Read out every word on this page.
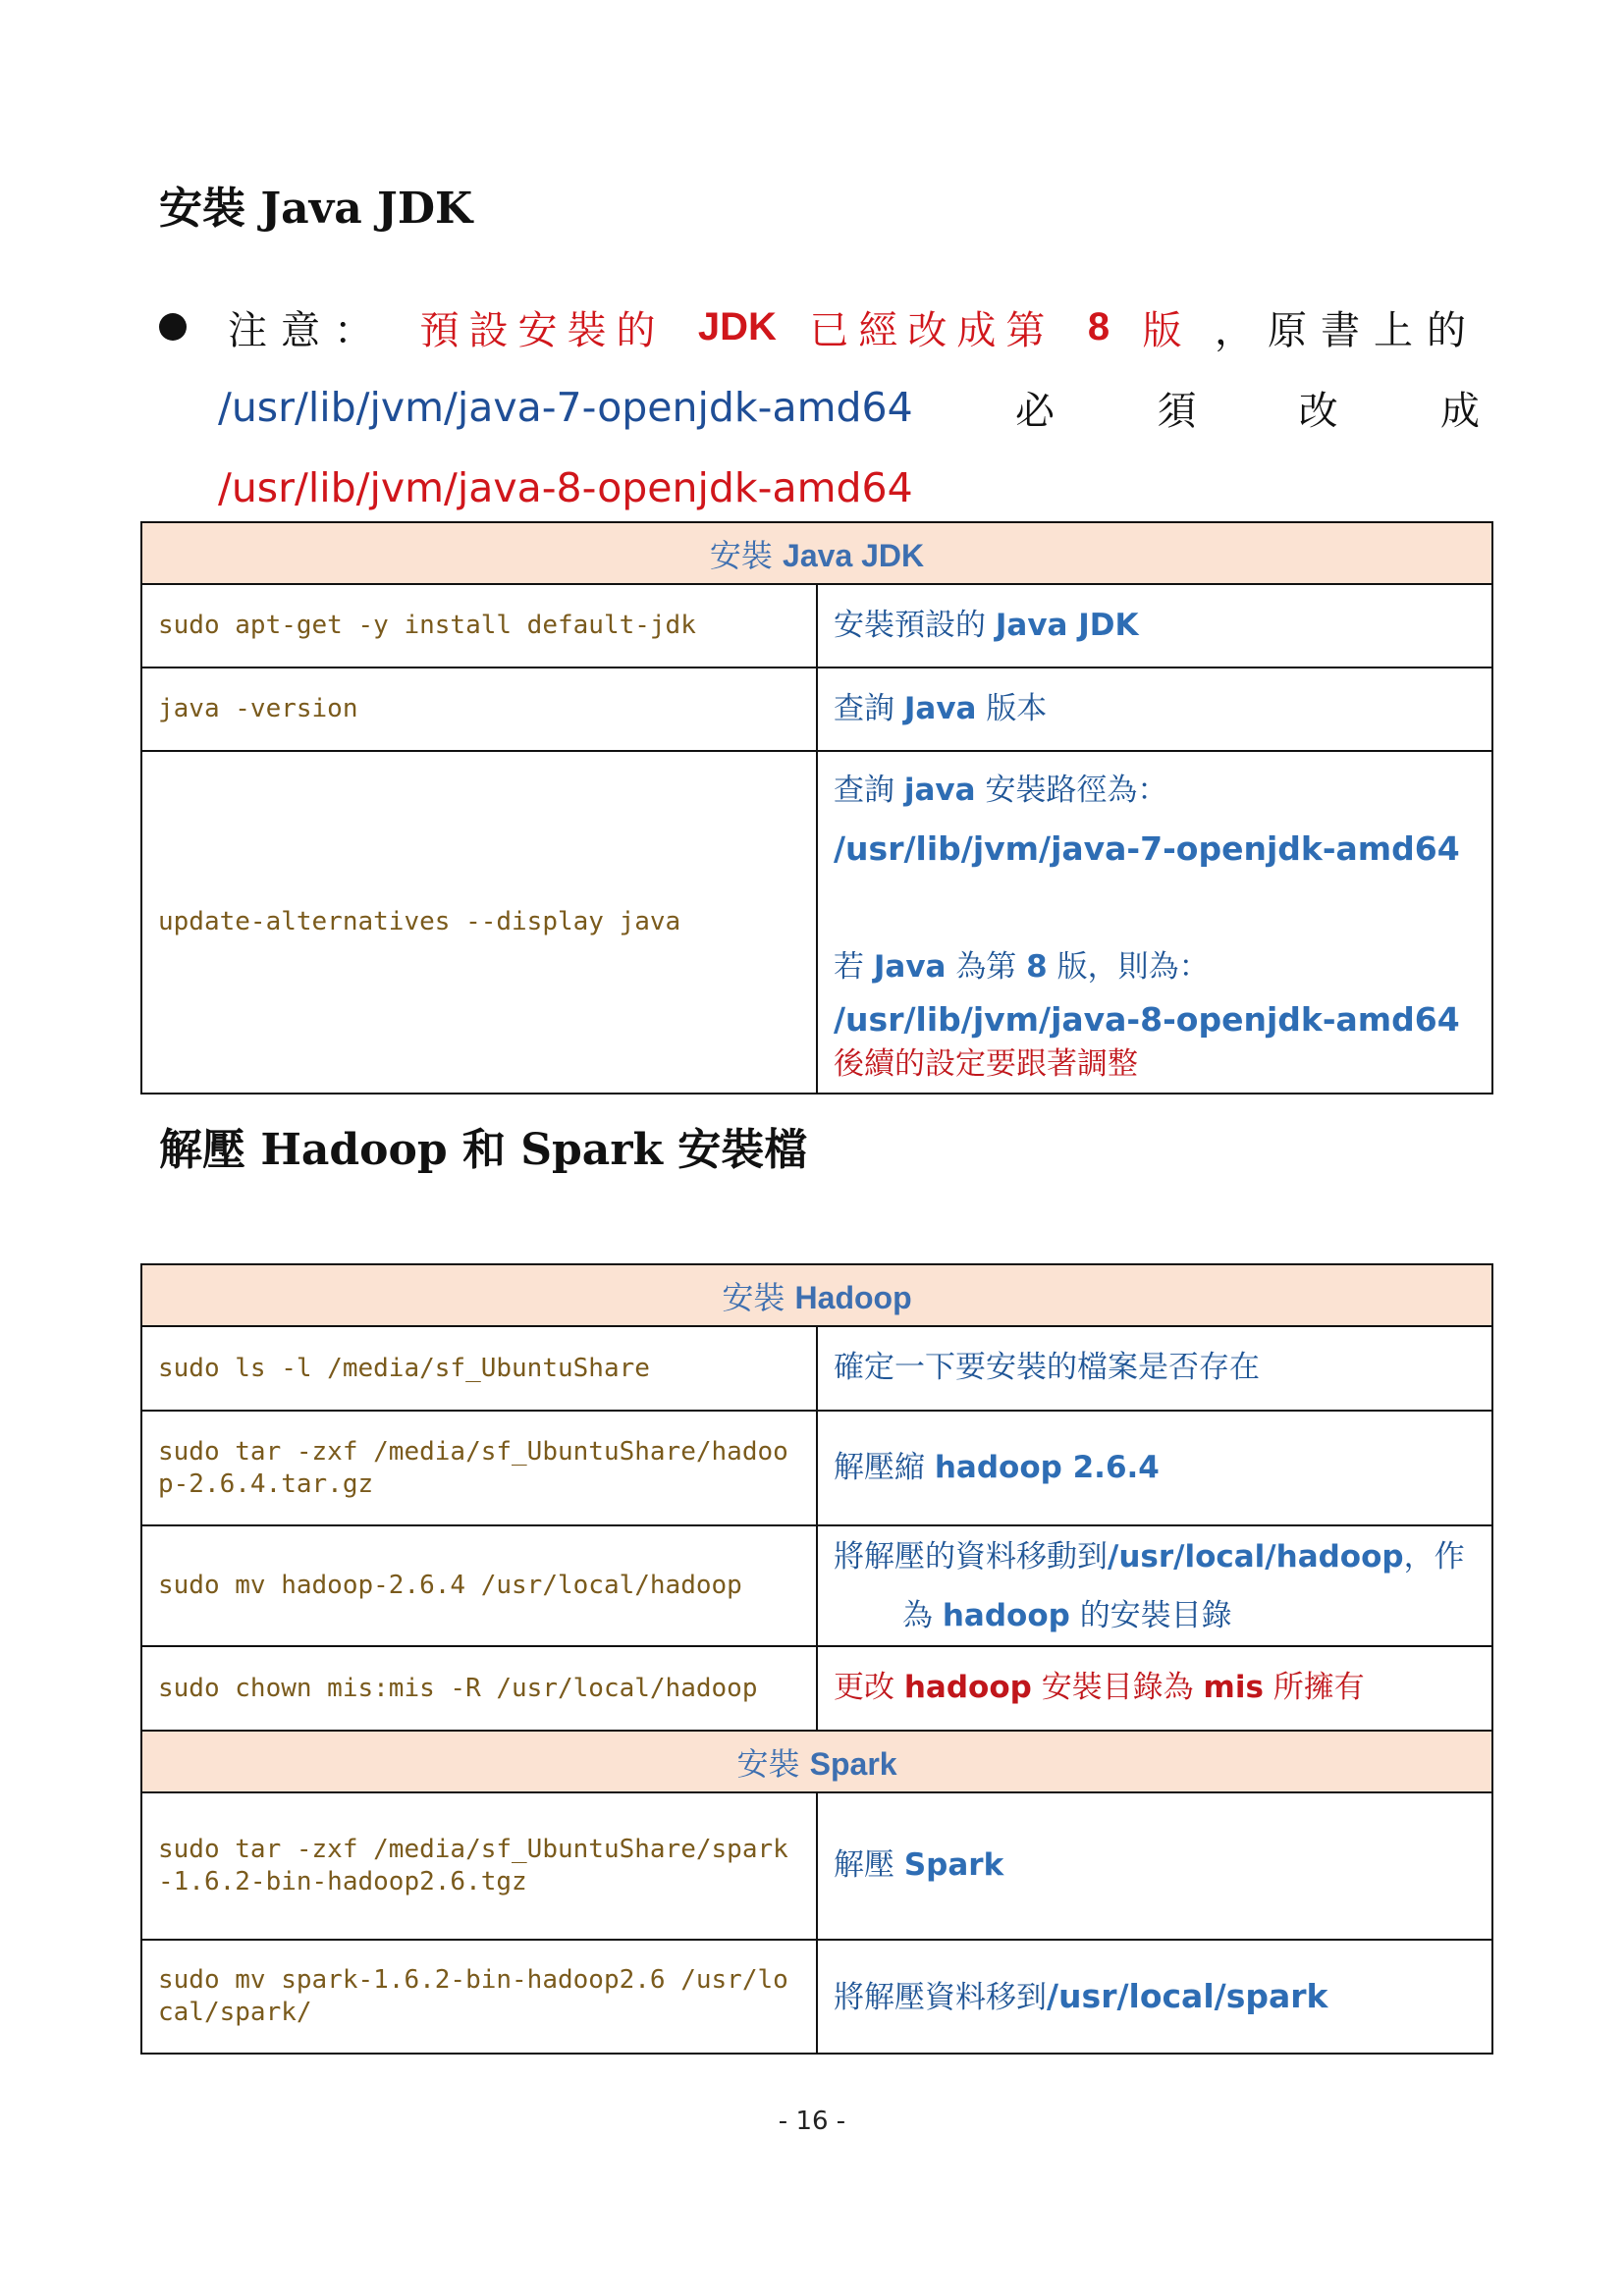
安裝 Java JDK
注意： 預設安裝的 JDK 已經改成第 8 版 ，原書上的
/usr/lib/jvm/java-7-openjdk-amd64	必	須	改	成
/usr/lib/jvm/java-8-openjdk-amd64
安裝 Java JDK	
sudo apt-get -y install default-jdk	安裝預設的 Java JDK
java -version	查詢 Java 版本
update-alternatives --display java	查詢 java 安裝路徑為：
/usr/lib/jvm/java-7-openjdk-amd64
若 Java 為第 8 版，則為：
/usr/lib/jvm/java-8-openjdk-amd64
後續的設定要跟著調整
解壓 Hadoop 和 Spark 安裝檔
安裝 Hadoop	
sudo ls -l /media/sf_UbuntuShare	確定一下要安裝的檔案是否存在
sudo tar -zxf /media/sf_UbuntuShare/hadoop-2.6.4.tar.gz	解壓縮 hadoop 2.6.4
sudo mv hadoop-2.6.4 /usr/local/hadoop	將解壓的資料移動到/usr/local/hadoop，作
為 hadoop 的安裝目錄

sudo chown mis:mis -R /usr/local/hadoop	更改 hadoop 安裝目錄為 mis 所擁有
安裝 Spark	
sudo tar -zxf /media/sf_UbuntuShare/spark-1.6.2-bin-hadoop2.6.tgz	解壓 Spark
sudo mv spark-1.6.2-bin-hadoop2.6 /usr/local/spark/	將解壓資料移到/usr/local/spark
- 16 -
